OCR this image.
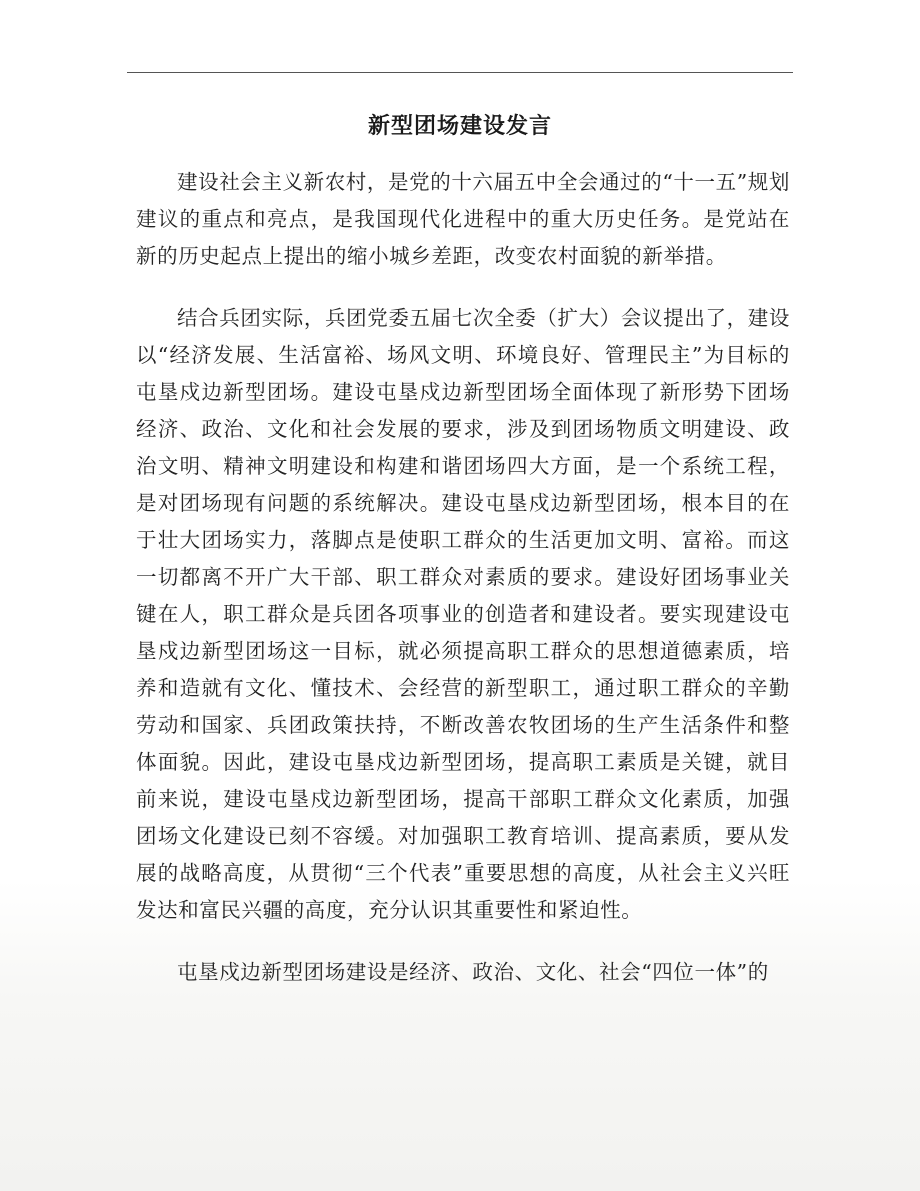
新型团场建设发言

建设社会主义新农村，是党的十六届五中全会通过的“十一五”规划建议的重点和亮点，是我国现代化进程中的重大历史任务。是党站在新的历史起点上提出的缩小城乡差距，改变农村面貌的新举措。

结合兵团实际，兵团党委五届七次全委（扩大）会议提出了，建设以“经济发展、生活富裕、场风文明、环境良好、管理民主”为目标的屯垦戍边新型团场。建设屯垦戍边新型团场全面体现了新形势下团场经济、政治、文化和社会发展的要求，涉及到团场物质文明建设、政治文明、精神文明建设和构建和谐团场四大方面，是一个系统工程，是对团场现有问题的系统解决。建设屯垦戍边新型团场，根本目的在于壮大团场实力，落脚点是使职工群众的生活更加文明、富裕。而这一切都离不开广大干部、职工群众对素质的要求。建设好团场事业关键在人，职工群众是兵团各项事业的创造者和建设者。要实现建设屯垦戍边新型团场这一目标，就必须提高职工群众的思想道德素质，培养和造就有文化、懂技术、会经营的新型职工，通过职工群众的辛勤劳动和国家、兵团政策扶持，不断改善农牧团场的生产生活条件和整体面貌。因此，建设屯垦戍边新型团场，提高职工素质是关键，就目前来说，建设屯垦戍边新型团场，提高干部职工群众文化素质，加强团场文化建设已刻不容缓。对加强职工教育培训、提高素质，要从发展的战略高度，从贯彻“三个代表”重要思想的高度，从社会主义兴旺发达和富民兴疆的高度，充分认识其重要性和紧迫性。

屯垦戍边新型团场建设是经济、政治、文化、社会“四位一体”的
